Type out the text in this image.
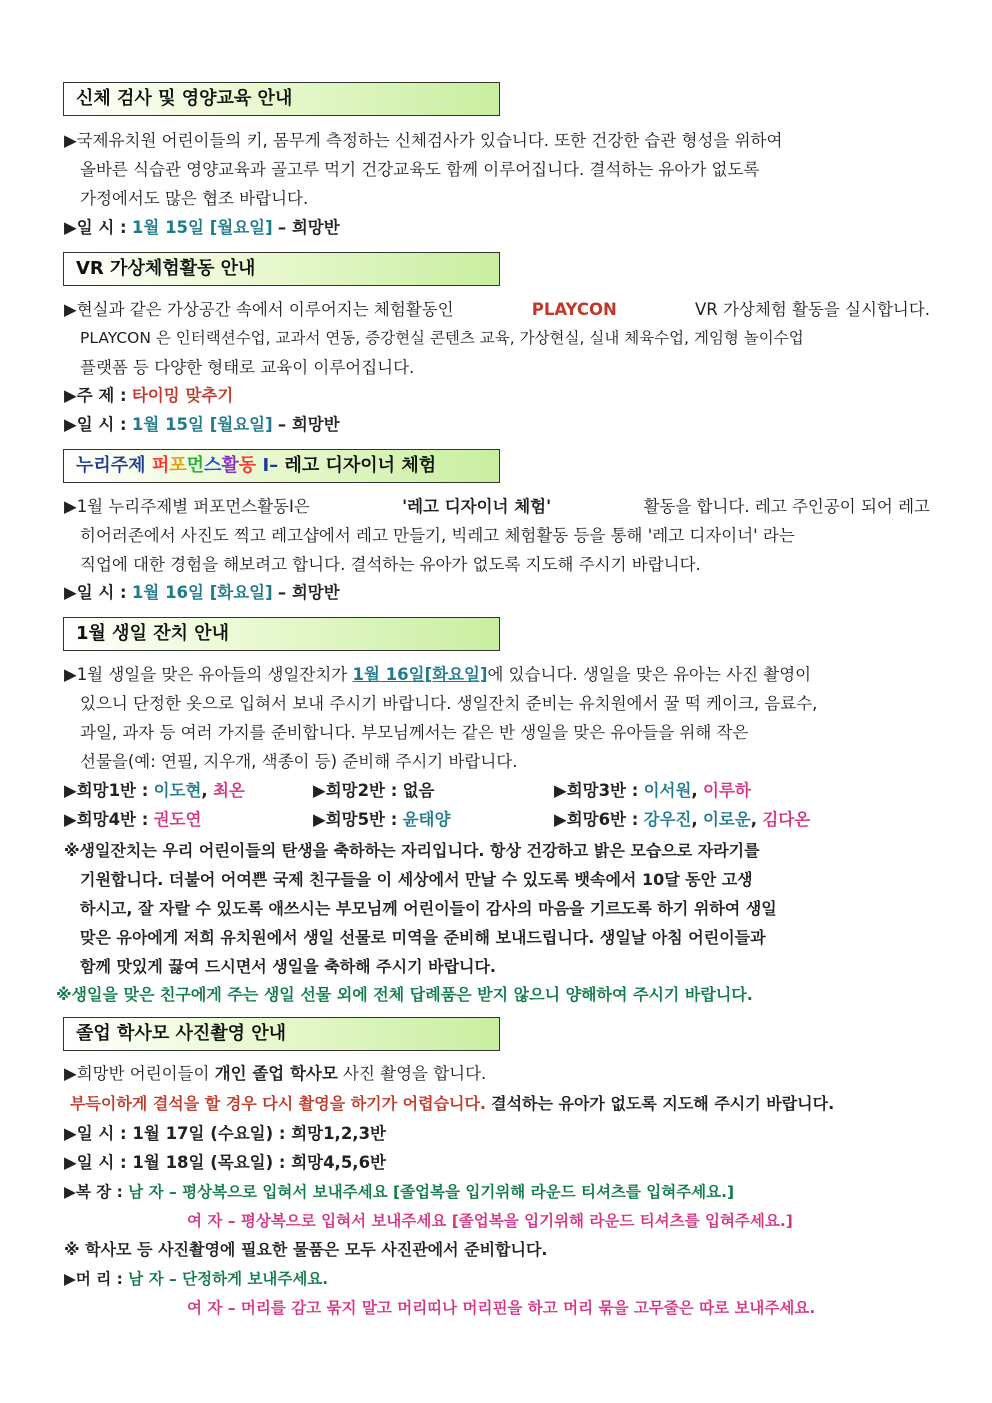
신체 검사 및 영양교육 안내
▶국제유치원 어린이들의 키, 몸무게 측정하는 신체검사가 있습니다. 또한 건강한 습관 형성을 위하여
올바른 식습관 영양교육과 골고루 먹기 건강교육도 함께 이루어집니다. 결석하는 유아가 없도록
가정에서도 많은 협조 바랍니다.
▶일 시 : 1월 15일 [월요일] – 희망반
VR 가상체험활동 안내
▶현실과 같은 가상공간 속에서 이루어지는 체험활동인	PLAYCON	VR 가상체험 활동을 실시합니다.
PLAYCON 은 인터랙션수업, 교과서 연동, 증강현실 콘텐츠 교육, 가상현실, 실내 체육수업, 게임형 놀이수업
플랫폼 등 다양한 형태로 교육이 이루어집니다.
▶주 제 : 타이밍 맞추기
▶일 시 : 1월 15일 [월요일] – 희망반
누리주제 퍼포먼스활동 Ⅰ– 레고 디자이너 체험
▶1월 누리주제별 퍼포먼스활동Ⅰ은	'레고 디자이너 체험'	활동을 합니다. 레고 주인공이 되어 레고
히어러존에서 사진도 찍고 레고샵에서 레고 만들기, 빅레고 체험활동 등을 통해 '레고 디자이너' 라는
직업에 대한 경험을 해보려고 합니다. 결석하는 유아가 없도록 지도해 주시기 바랍니다.
▶일 시 : 1월 16일 [화요일] – 희망반
1월 생일 잔치 안내
▶1월 생일을 맞은 유아들의 생일잔치가
1월 16일[화요일] 에 있습니다. 생일을 맞은 유아는 사진 촬영이
있으니 단정한 옷으로 입혀서 보내 주시기 바랍니다. 생일잔치 준비는 유치원에서 꿀 떡 케이크, 음료수,
과일, 과자 등 여러 가지를 준비합니다. 부모님께서는 같은 반 생일을 맞은 유아들을 위해 작은
선물을(예: 연필, 지우개, 색종이 등) 준비해 주시기 바랍니다.
▶희망1반 : 이도현, 최온	▶희망2반 : 없음	▶희망3반 : 이서원, 이루하
▶희망4반 : 권도연	▶희망5반 : 윤태양	▶희망6반 : 강우진, 이로운, 김다온
※생일잔치는 우리 어린이들의 탄생을 축하하는 자리입니다. 항상 건강하고 밝은 모습으로 자라기를
기원합니다. 더불어 어여쁜 국제 친구들을 이 세상에서 만날 수 있도록 뱃속에서 10달 동안 고생
하시고, 잘 자랄 수 있도록 애쓰시는 부모님께 어린이들이 감사의 마음을 기르도록 하기 위하여 생일
맞은 유아에게 저희 유치원에서 생일 선물로 미역을 준비해 보내드립니다. 생일날 아침 어린이들과
함께 맛있게 끓여 드시면서 생일을 축하해 주시기 바랍니다.
※생일을 맞은 친구에게 주는 생일 선물 외에 전체 답례품은 받지 않으니 양해하여 주시기 바랍니다.
졸업 학사모 사진촬영 안내
▶희망반 어린이들이 개인 졸업 학사모 사진 촬영을 합니다.
부득이하게 결석을 할 경우 다시 촬영을 하기가 어렵습니다. 결석하는 유아가 없도록 지도해 주시기 바랍니다.
▶일 시 : 1월 17일 (수요일) : 희망1,2,3반
▶일 시 : 1월 18일 (목요일) : 희망4,5,6반
▶복 장 : 남 자 – 평상복으로 입혀서 보내주세요 [졸업복을 입기위해 라운드 티셔츠를 입혀주세요.]
여 자 – 평상복으로 입혀서 보내주세요 [졸업복을 입기위해 라운드 티셔츠를 입혀주세요.]
※ 학사모 등 사진촬영에 필요한 물품은 모두 사진관에서 준비합니다.
▶머 리 : 남 자 – 단정하게 보내주세요.
여 자 – 머리를 감고 묶지 말고 머리띠나 머리핀을 하고 머리 묶을 고무줄은 따로 보내주세요.
